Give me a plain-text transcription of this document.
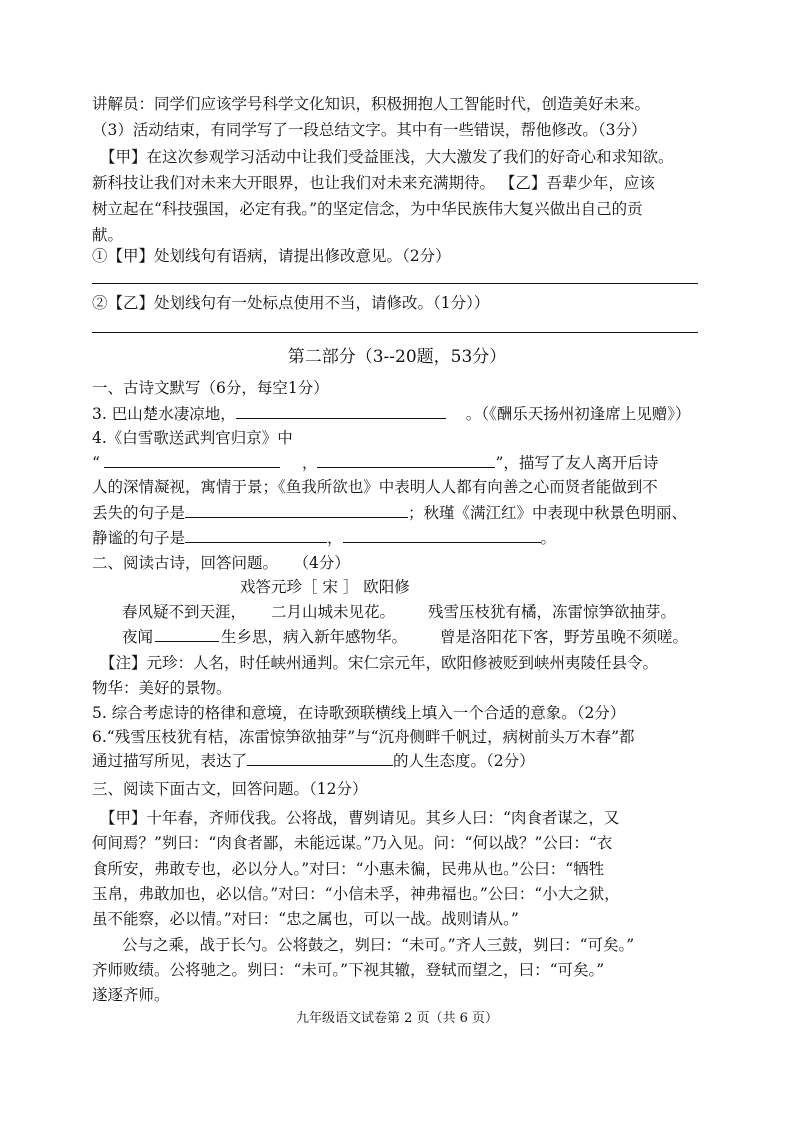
讲解员：同学们应该学号科学文化知识，积极拥抱人工智能时代，创造美好未来。
（3）活动结束，有同学写了一段总结文字。其中有一些错误，帮他修改。（3分）
【甲】在这次参观学习活动中让我们受益匪浅，大大激发了我们的好奇心和求知欲。
新科技让我们对未来大开眼界，也让我们对未来充满期待。 【乙】吾辈少年，应该
树立起在“科技强国，必定有我。”的坚定信念，为中华民族伟大复兴做出自己的贡
献。
①【甲】处划线句有语病，请提出修改意见。（2分）
②【乙】处划线句有一处标点使用不当，请修改。（1分））
第二部分（3--20题，53分）
一、古诗文默写（6分，每空1分）
3. 巴山楚水凄凉地，	。（《酬乐天扬州初逢席上见赠》）
4.《白雪歌送武判官归京》中
“	，	”，描写了友人离开后诗
人的深情凝视，寓情于景；《鱼我所欲也》中表明人人都有向善之心而贤者能做到不
丢失的句子是	；秋瑾《满江红》中表现中秋景色明丽、
静谧的句子是	，	。
二、阅读古诗，回答问题。　　（4分）
戏答元珍［ 宋 ］ 欧阳修
春风疑不到天涯， 二月山城未见花。 残雪压枝犹有橘，冻雷惊笋欲抽芽。
夜闻	生乡思，病入新年感物华。 曾是洛阳花下客，野芳虽晚不须嗟。
【注】元珍：人名，时任峡州通判。宋仁宗元年，欧阳修被贬到峡州夷陵任县令。
物华：美好的景物。
5. 综合考虑诗的格律和意境，在诗歌颈联横线上填入一个合适的意象。（2分）
6.“残雪压枝犹有桔，冻雷惊笋欲抽芽”与“沉舟侧畔千帆过，病树前头万木春”都
通过描写所见，表达了	的人生态度。（2分）
三、阅读下面古文，回答问题。（12分）
【甲】十年春，齐师伐我。公将战，曹刿请见。其乡人曰：“肉食者谋之，又
何间焉？”刿曰：“肉食者鄙，未能远谋。”乃入见。问：“何以战？”公曰：“衣
食所安，弗敢专也，必以分人。”对曰：“小惠未徧，民弗从也。”公曰：“牺牲
玉帛，弗敢加也，必以信。”对曰：“小信未孚，神弗福也。”公曰：“小大之狱，
虽不能察，必以情。”对曰：“忠之属也，可以一战。战则请从。”
公与之乘，战于长勺。公将鼓之，刿曰：“未可。”齐人三鼓，刿曰：“可矣。”
齐师败绩。公将驰之。刿曰：“未可。”下视其辙，登轼而望之，曰：“可矣。”
遂逐齐师。
九年级语文试卷第 2 页（共 6 页）
